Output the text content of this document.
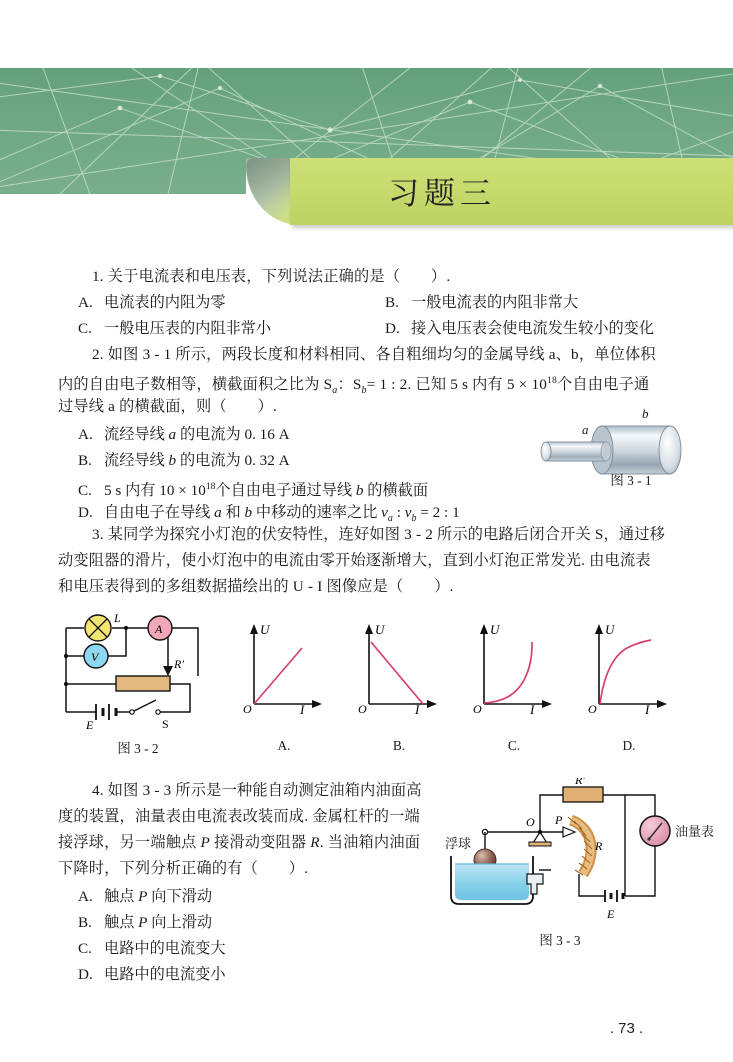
习题三
1. 关于电流表和电压表，下列说法正确的是（　　）.
A. 电流表的内阻为零	B. 一般电流表的内阻非常大
C. 一般电压表的内阻非常小	D. 接入电压表会使电流发生较小的变化
2. 如图 3 - 1 所示，两段长度和材料相同、各自粗细均匀的金属导线 a、b，单位体积
内的自由电子数相等，横截面积之比为 $S_a$：$S_b= 1$ : 2. 已知 5 s 内有 $5 \times 10^{18}$个自由电子通
过导线 a 的横截面，则（　　）.
A. 流经导线 a 的电流为 0. 16 A
B. 流经导线 b 的电流为 0. 32 A
C. 5 s 内有 $10 \times 10^{18}$个自由电子通过导线 b 的横截面
D. 自由电子在导线 a 和 b 中移动的速率之比 $v_a$ : $v_b = 2$ : 1
a
b
图 3 - 1
3. 某同学为探究小灯泡的伏安特性，连好如图 3 - 2 所示的电路后闭合开关 S，通过移
动变阻器的滑片，使小灯泡中的电流由零开始逐渐增大，直到小灯泡正常发光. 由电流表
和电压表得到的多组数据描绘出的 U - I 图像应是（　　）.
L
V
A
R′
E	S
图 3 - 2
U
I
O
A.
U
I
O
B.
U
I
O
C.
U
I
O
D.
4. 如图 3 - 3 所示是一种能自动测定油箱内油面高
度的装置，油量表由电流表改装而成. 金属杠杆的一端
接浮球，另一端触点 P 接滑动变阻器 R. 当油箱内油面
下降时，下列分析正确的有（　　）.
A. 触点 P 向下滑动
B. 触点 P 向上滑动
C. 电路中的电流变大
D. 电路中的电流变小
R′
R
O P
浮球
E
油量表
图 3 - 3
. 73 .
